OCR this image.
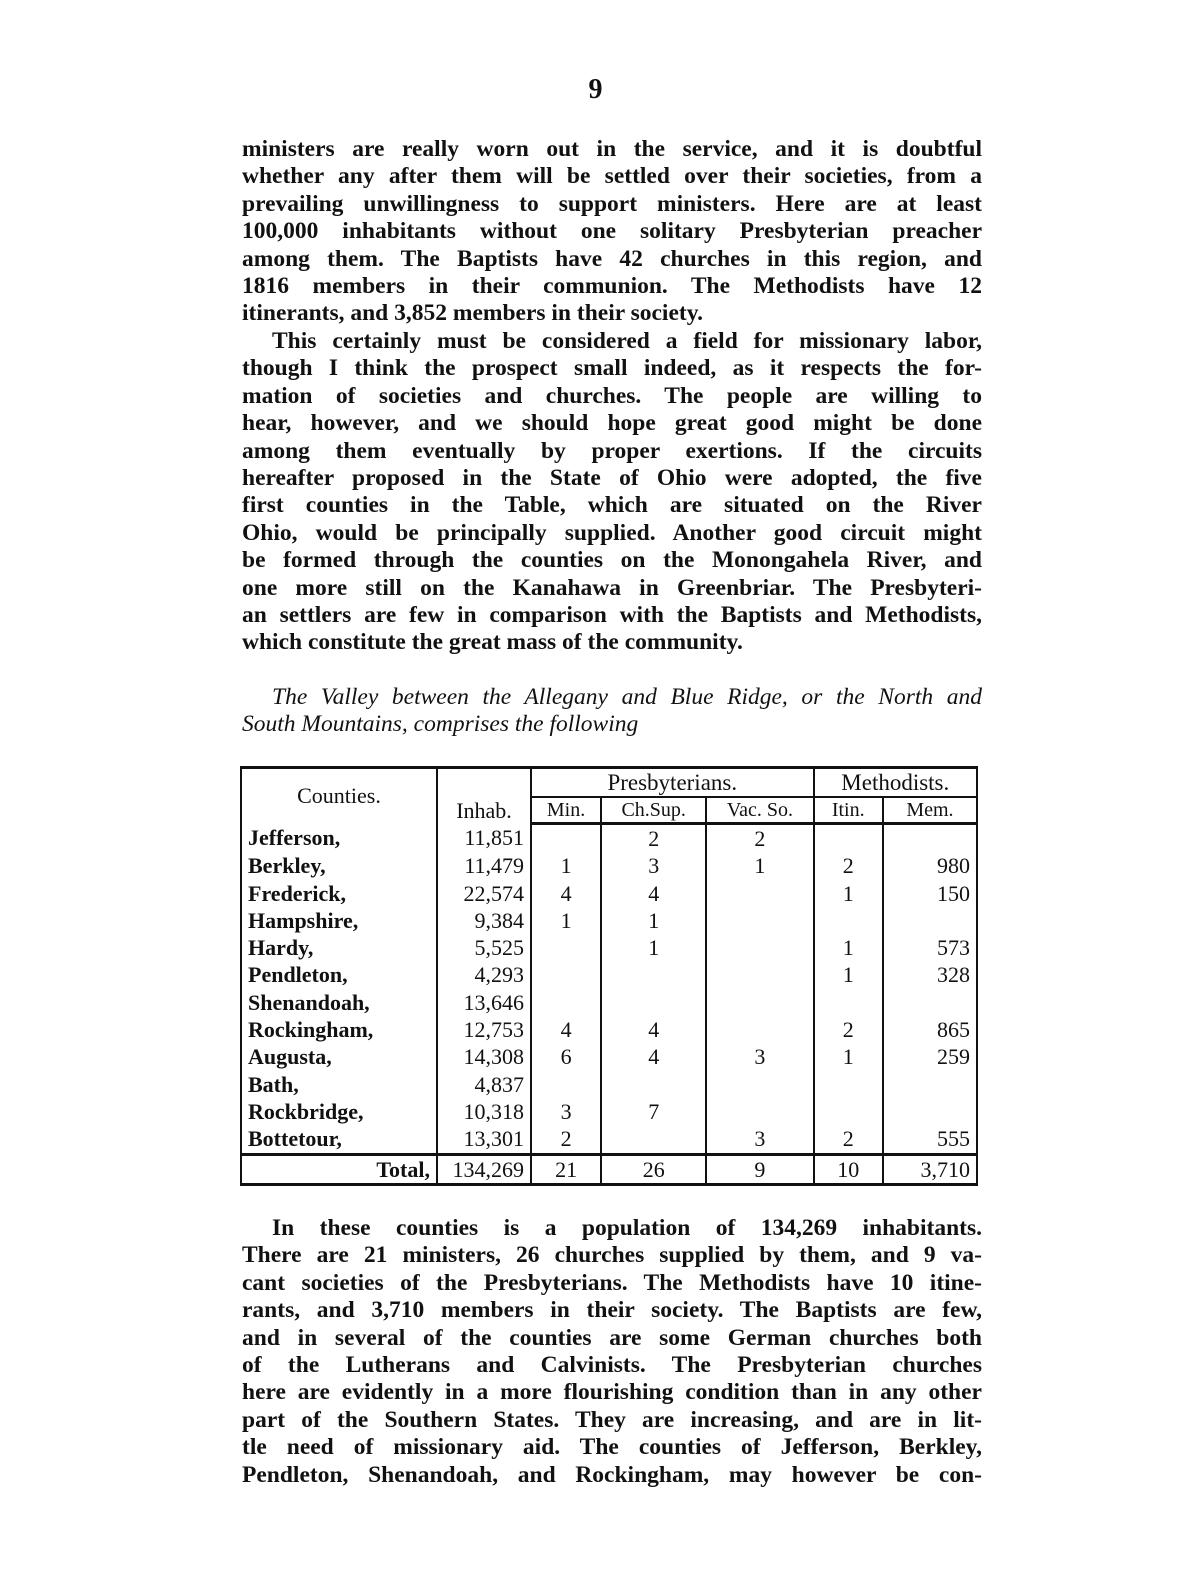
9
ministers are really worn out in the service, and it is doubtful
whether any after them will be settled over their societies, from a
prevailing unwillingness to support ministers. Here are at least
100,000 inhabitants without one solitary Presbyterian preacher
among them. The Baptists have 42 churches in this region, and
1816 members in their communion. The Methodists have 12
itinerants, and 3,852 members in their society.
This certainly must be considered a field for missionary labor,
though I think the prospect small indeed, as it respects the for-
mation of societies and churches. The people are willing to
hear, however, and we should hope great good might be done
among them eventually by proper exertions. If the circuits
hereafter proposed in the State of Ohio were adopted, the five
first counties in the Table, which are situated on the River
Ohio, would be principally supplied. Another good circuit might
be formed through the counties on the Monongahela River, and
one more still on the Kanahawa in Greenbriar. The Presbyteri-
an settlers are few in comparison with the Baptists and Methodists,
which constitute the great mass of the community.
The Valley between the Allegany and Blue Ridge, or the North and
South Mountains, comprises the following
Counties.	Inhab.	Presbyterians.			Methodists.	
		Min.	Ch.Sup.	Vac. So.	Itin.	Mem.
Jefferson,	11,851		2	2		
Berkley,	11,479	1	3	1	2	980
Frederick,	22,574	4	4		1	150
Hampshire,	9,384	1	1			
Hardy,	5,525		1		1	573
Pendleton,	4,293				1	328
Shenandoah,	13,646					
Rockingham,	12,753	4	4		2	865
Augusta,	14,308	6	4	3	1	259
Bath,	4,837					
Rockbridge,	10,318	3	7			
Bottetour,	13,301	2		3	2	555
Total,	134,269	21	26	9	10	3,710
In these counties is a population of 134,269 inhabitants.
There are 21 ministers, 26 churches supplied by them, and 9 va-
cant societies of the Presbyterians. The Methodists have 10 itine-
rants, and 3,710 members in their society. The Baptists are few,
and in several of the counties are some German churches both
of the Lutherans and Calvinists. The Presbyterian churches
here are evidently in a more flourishing condition than in any other
part of the Southern States. They are increasing, and are in lit-
tle need of missionary aid. The counties of Jefferson, Berkley,
Pendleton, Shenandoah, and Rockingham, may however be con-
